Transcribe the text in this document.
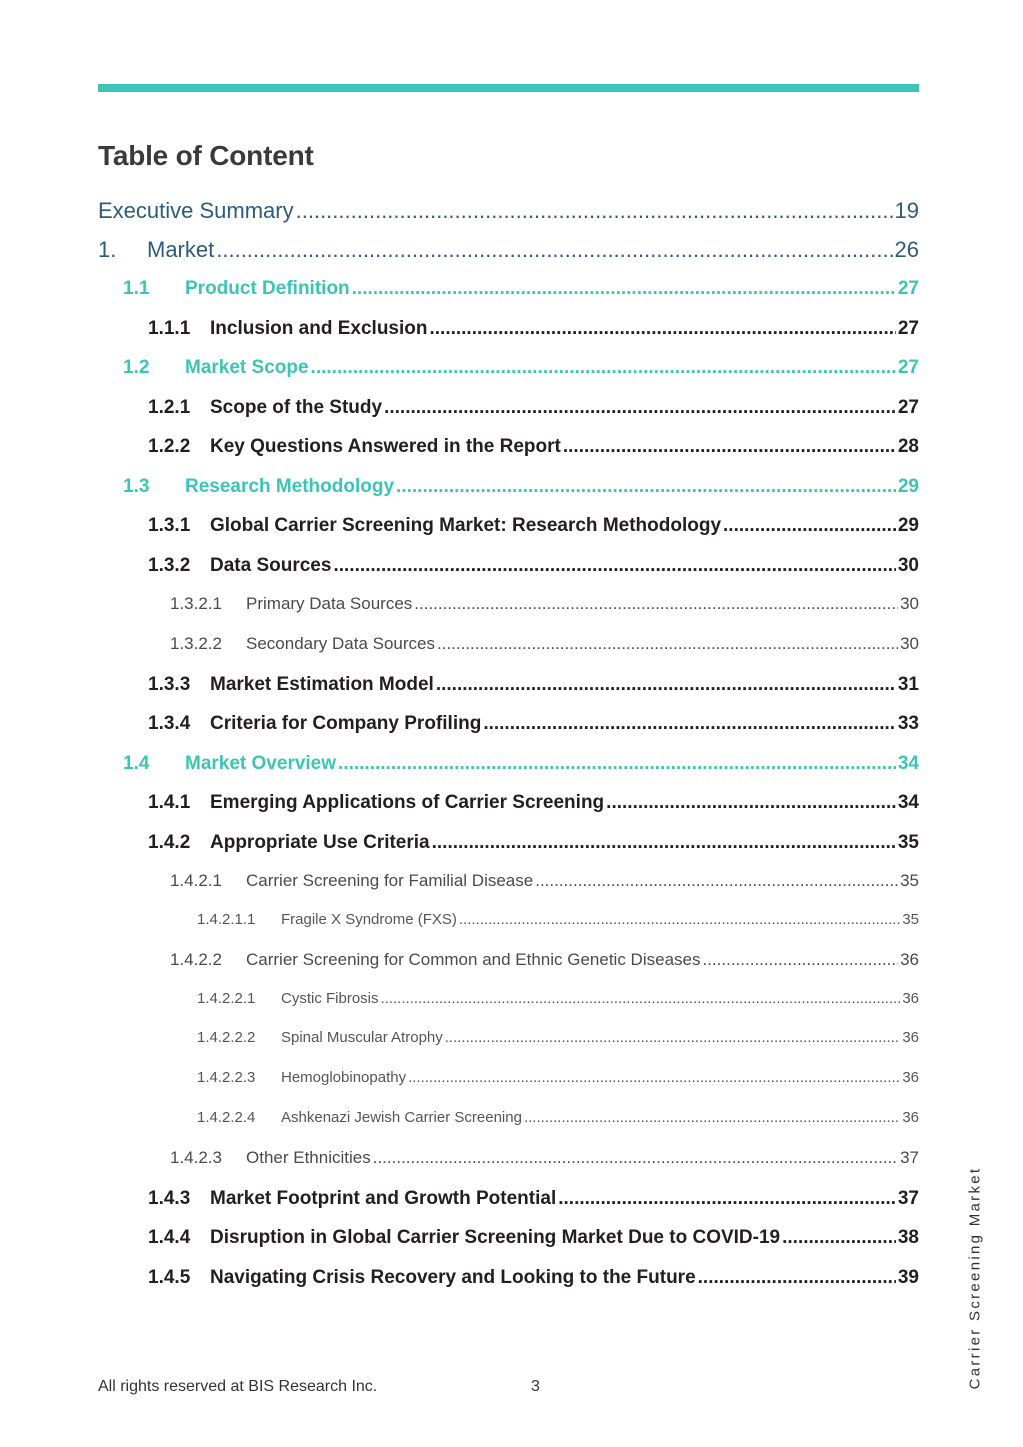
Table of Content
Executive Summary .....	19
1.	Market .....	26
1.1	Product Definition .....	27
1.1.1	Inclusion and Exclusion .....	27
1.2	Market Scope .....	27
1.2.1	Scope of the Study .....	27
1.2.2	Key Questions Answered in the Report .....	28
1.3	Research Methodology .....	29
1.3.1	Global Carrier Screening Market: Research Methodology .....	29
1.3.2	Data Sources .....	30
1.3.2.1	Primary Data Sources .....	30
1.3.2.2	Secondary Data Sources .....	30
1.3.3	Market Estimation Model .....	31
1.3.4	Criteria for Company Profiling .....	33
1.4	Market Overview .....	34
1.4.1	Emerging Applications of Carrier Screening .....	34
1.4.2	Appropriate Use Criteria .....	35
1.4.2.1	Carrier Screening for Familial Disease .....	35
1.4.2.1.1	Fragile X Syndrome (FXS) .....	35
1.4.2.2	Carrier Screening for Common and Ethnic Genetic Diseases .....	36
1.4.2.2.1	Cystic Fibrosis .....	36
1.4.2.2.2	Spinal Muscular Atrophy .....	36
1.4.2.2.3	Hemoglobinopathy .....	36
1.4.2.2.4	Ashkenazi Jewish Carrier Screening .....	36
1.4.2.3	Other Ethnicities .....	37
1.4.3	Market Footprint and Growth Potential .....	37
1.4.4	Disruption in Global Carrier Screening Market Due to COVID-19 .....	38
1.4.5	Navigating Crisis Recovery and Looking to the Future .....	39
All rights reserved at BIS Research Inc.	3	Carrier Screening Market
